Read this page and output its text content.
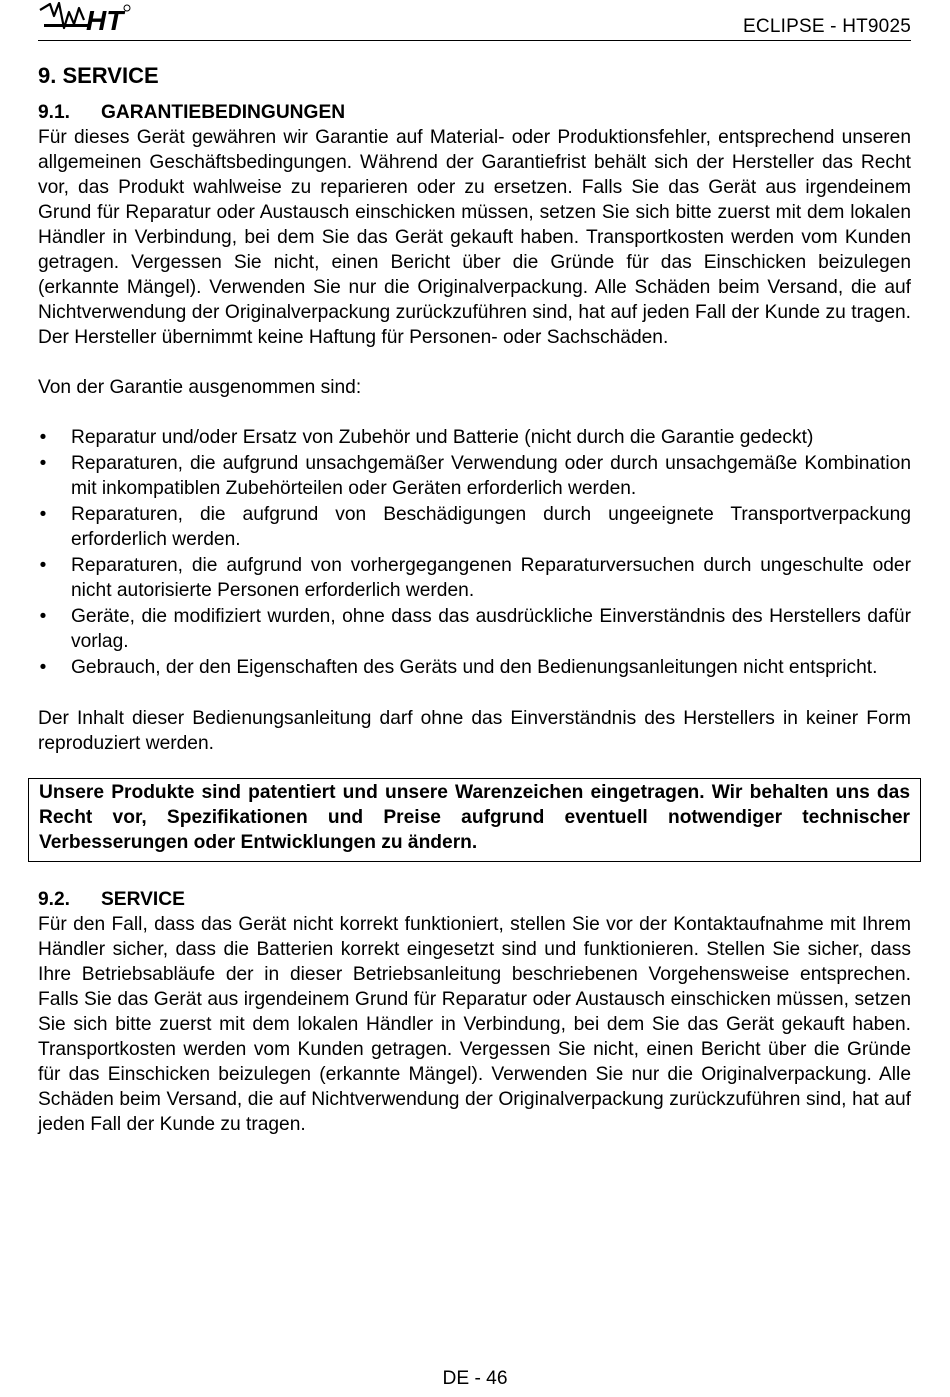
HT	ECLIPSE - HT9025
9. SERVICE
9.1. GARANTIEBEDINGUNGEN

Für dieses Gerät gewähren wir Garantie auf Material- oder Produktionsfehler, entsprechend unseren allgemeinen Geschäftsbedingungen. Während der Garantiefrist behält sich der Hersteller das Recht vor, das Produkt wahlweise zu reparieren oder zu ersetzen. Falls Sie das Gerät aus irgendeinem Grund für Reparatur oder Austausch einschicken müssen, setzen Sie sich bitte zuerst mit dem lokalen Händler in Verbindung, bei dem Sie das Gerät gekauft haben. Transportkosten werden vom Kunden getragen. Vergessen Sie nicht, einen Bericht über die Gründe für das Einschicken beizulegen (erkannte Mängel). Verwenden Sie nur die Originalverpackung. Alle Schäden beim Versand, die auf Nichtverwendung der Originalverpackung zurückzuführen sind, hat auf jeden Fall der Kunde zu tragen. Der Hersteller übernimmt keine Haftung für Personen- oder Sachschäden.

Von der Garantie ausgenommen sind:

• Reparatur und/oder Ersatz von Zubehör und Batterie (nicht durch die Garantie gedeckt)
• Reparaturen, die aufgrund unsachgemäßer Verwendung oder durch unsachgemäße Kombination mit inkompatiblen Zubehörteilen oder Geräten erforderlich werden.
• Reparaturen, die aufgrund von Beschädigungen durch ungeeignete Transportverpackung erforderlich werden.
• Reparaturen, die aufgrund von vorhergegangenen Reparaturversuchen durch ungeschulte oder nicht autorisierte Personen erforderlich werden.
• Geräte, die modifiziert wurden, ohne dass das ausdrückliche Einverständnis des Herstellers dafür vorlag.
• Gebrauch, der den Eigenschaften des Geräts und den Bedienungsanleitungen nicht entspricht.

Der Inhalt dieser Bedienungsanleitung darf ohne das Einverständnis des Herstellers in keiner Form reproduziert werden.

Unsere Produkte sind patentiert und unsere Warenzeichen eingetragen. Wir behalten uns das Recht vor, Spezifikationen und Preise aufgrund eventuell notwendiger technischer Verbesserungen oder Entwicklungen zu ändern.

9.2. SERVICE

Für den Fall, dass das Gerät nicht korrekt funktioniert, stellen Sie vor der Kontaktaufnahme mit Ihrem Händler sicher, dass die Batterien korrekt eingesetzt sind und funktionieren. Stellen Sie sicher, dass Ihre Betriebsabläufe der in dieser Betriebsanleitung beschriebenen Vorgehensweise entsprechen. Falls Sie das Gerät aus irgendeinem Grund für Reparatur oder Austausch einschicken müssen, setzen Sie sich bitte zuerst mit dem lokalen Händler in Verbindung, bei dem Sie das Gerät gekauft haben. Transportkosten werden vom Kunden getragen. Vergessen Sie nicht, einen Bericht über die Gründe für das Einschicken beizulegen (erkannte Mängel). Verwenden Sie nur die Originalverpackung. Alle Schäden beim Versand, die auf Nichtverwendung der Originalverpackung zurückzuführen sind, hat auf jeden Fall der Kunde zu tragen.

DE - 46
